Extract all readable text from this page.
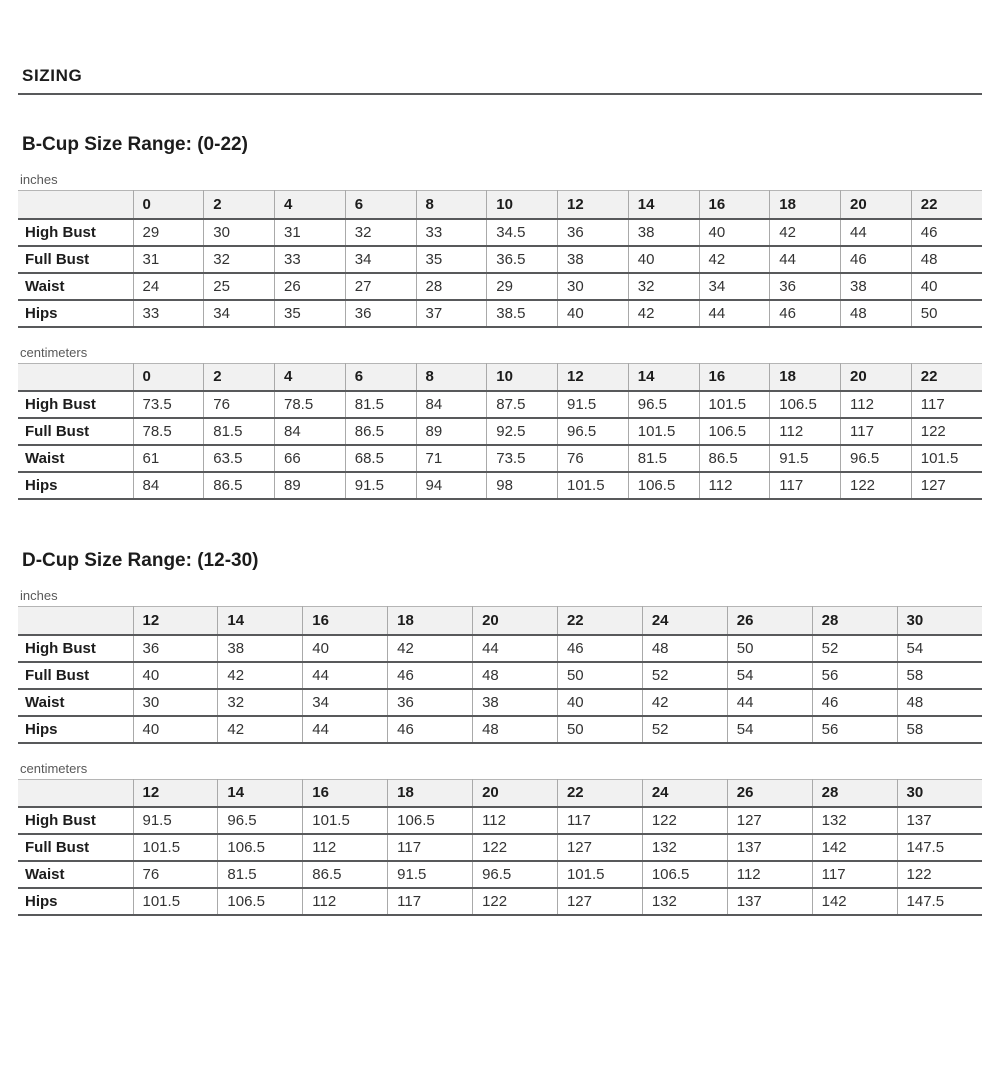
SIZING
B-Cup Size Range: (0-22)
inches
	0	2	4	6	8	10	12	14	16	18	20	22
High Bust	29	30	31	32	33	34.5	36	38	40	42	44	46
Full Bust	31	32	33	34	35	36.5	38	40	42	44	46	48
Waist	24	25	26	27	28	29	30	32	34	36	38	40
Hips	33	34	35	36	37	38.5	40	42	44	46	48	50
centimeters
	0	2	4	6	8	10	12	14	16	18	20	22
High Bust	73.5	76	78.5	81.5	84	87.5	91.5	96.5	101.5	106.5	112	117
Full Bust	78.5	81.5	84	86.5	89	92.5	96.5	101.5	106.5	112	117	122
Waist	61	63.5	66	68.5	71	73.5	76	81.5	86.5	91.5	96.5	101.5
Hips	84	86.5	89	91.5	94	98	101.5	106.5	112	117	122	127
D-Cup Size Range: (12-30)
inches
	12	14	16	18	20	22	24	26	28	30
High Bust	36	38	40	42	44	46	48	50	52	54
Full Bust	40	42	44	46	48	50	52	54	56	58
Waist	30	32	34	36	38	40	42	44	46	48
Hips	40	42	44	46	48	50	52	54	56	58
centimeters
	12	14	16	18	20	22	24	26	28	30
High Bust	91.5	96.5	101.5	106.5	112	117	122	127	132	137
Full Bust	101.5	106.5	112	117	122	127	132	137	142	147.5
Waist	76	81.5	86.5	91.5	96.5	101.5	106.5	112	117	122
Hips	101.5	106.5	112	117	122	127	132	137	142	147.5
